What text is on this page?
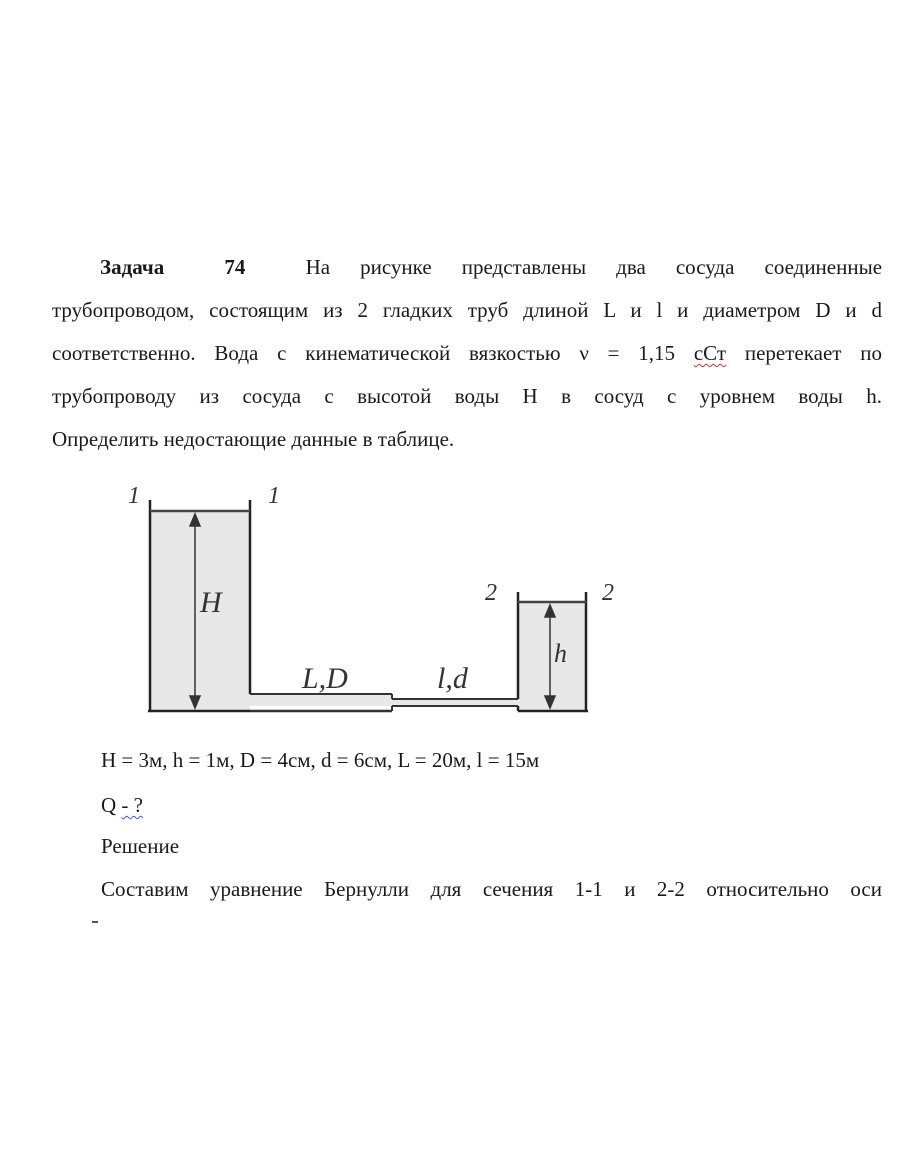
Задача	74	На рисунке представлены два сосуда соединенные
трубопроводом, состоящим из 2 гладких труб длиной L и l и диаметром D и d
соответственно. Вода с кинематической вязкостью ν = 1,15 сСт перетекает по
трубопроводу из сосуда с высотой воды H в сосуд с уровнем воды h.
Определить недостающие данные в таблице.
1	1
2	2
H
h
L,D	l,d

H = 3м, h = 1м, D = 4см, d = 6см, L = 20м, l = 15м

Q - ?

Решение

Составим уравнение Бернулли для сечения 1-1 и 2-2 относительно оси
